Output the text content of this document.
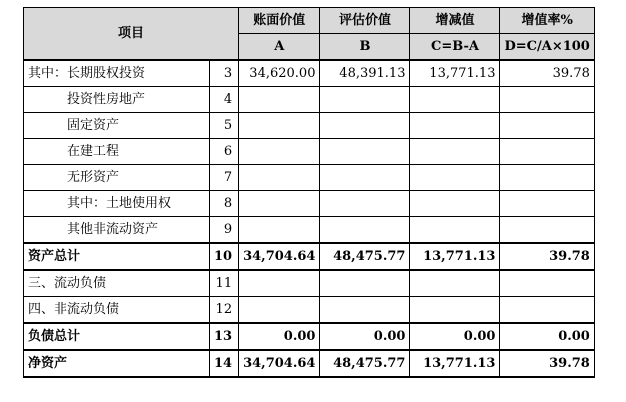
项目		账面价值	评估价值	增减值	增值率%
		A	B	C=B-A	D=C/A×100
其中：长期股权投资	3	34,620.00	48,391.13	13,771.13	39.78
投资性房地产	4				
固定资产	5				
在建工程	6				
无形资产	7				
其中：土地使用权	8				
其他非流动资产	9				
资产总计	10	34,704.64	48,475.77	13,771.13	39.78
三、流动负债	11				
四、非流动负债	12				
负债总计	13	0.00	0.00	0.00	0.00
净资产	14	34,704.64	48,475.77	13,771.13	39.78
